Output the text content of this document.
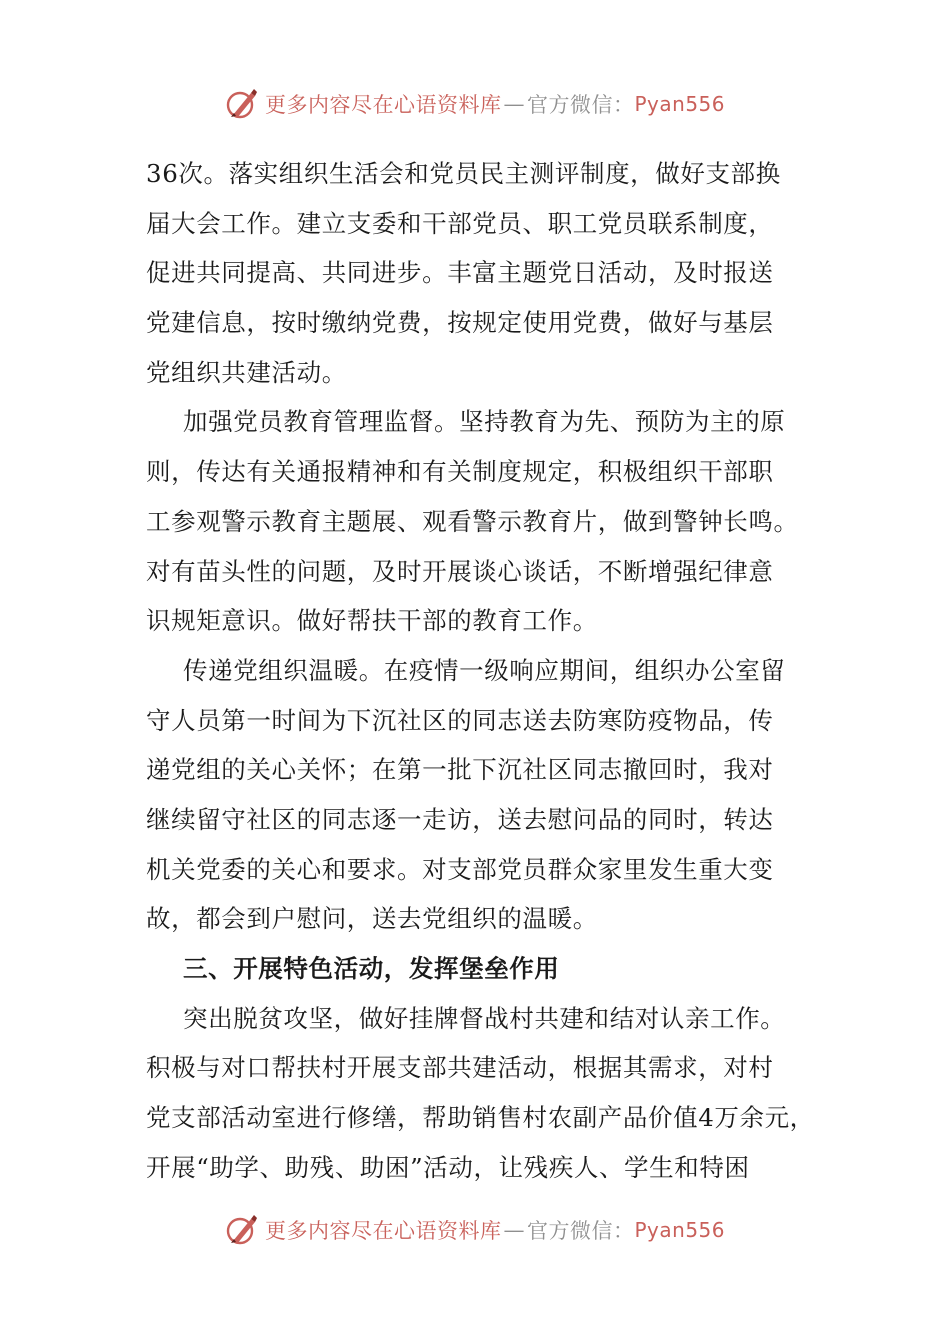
更多内容尽在心语资料库 — 官方微信： Pyan556
36次。落实组织生活会和党员民主测评制度，做好支部换
届大会工作。建立支委和干部党员、职工党员联系制度，
促进共同提高、共同进步。丰富主题党日活动，及时报送
党建信息，按时缴纳党费，按规定使用党费，做好与基层
党组织共建活动。
加强党员教育管理监督。坚持教育为先、预防为主的原
则，传达有关通报精神和有关制度规定，积极组织干部职
工参观警示教育主题展、观看警示教育片，做到警钟长鸣。
对有苗头性的问题，及时开展谈心谈话，不断增强纪律意
识规矩意识。做好帮扶干部的教育工作。
传递党组织温暖。在疫情一级响应期间，组织办公室留
守人员第一时间为下沉社区的同志送去防寒防疫物品，传
递党组的关心关怀；在第一批下沉社区同志撤回时，我对
继续留守社区的同志逐一走访，送去慰问品的同时，转达
机关党委的关心和要求。对支部党员群众家里发生重大变
故，都会到户慰问，送去党组织的温暖。
三、开展特色活动，发挥堡垒作用
突出脱贫攻坚，做好挂牌督战村共建和结对认亲工作。
积极与对口帮扶村开展支部共建活动，根据其需求，对村
党支部活动室进行修缮，帮助销售村农副产品价值4万余元，
开展“助学、助残、助困”活动，让残疾人、学生和特困
更多内容尽在心语资料库 — 官方微信： Pyan556
